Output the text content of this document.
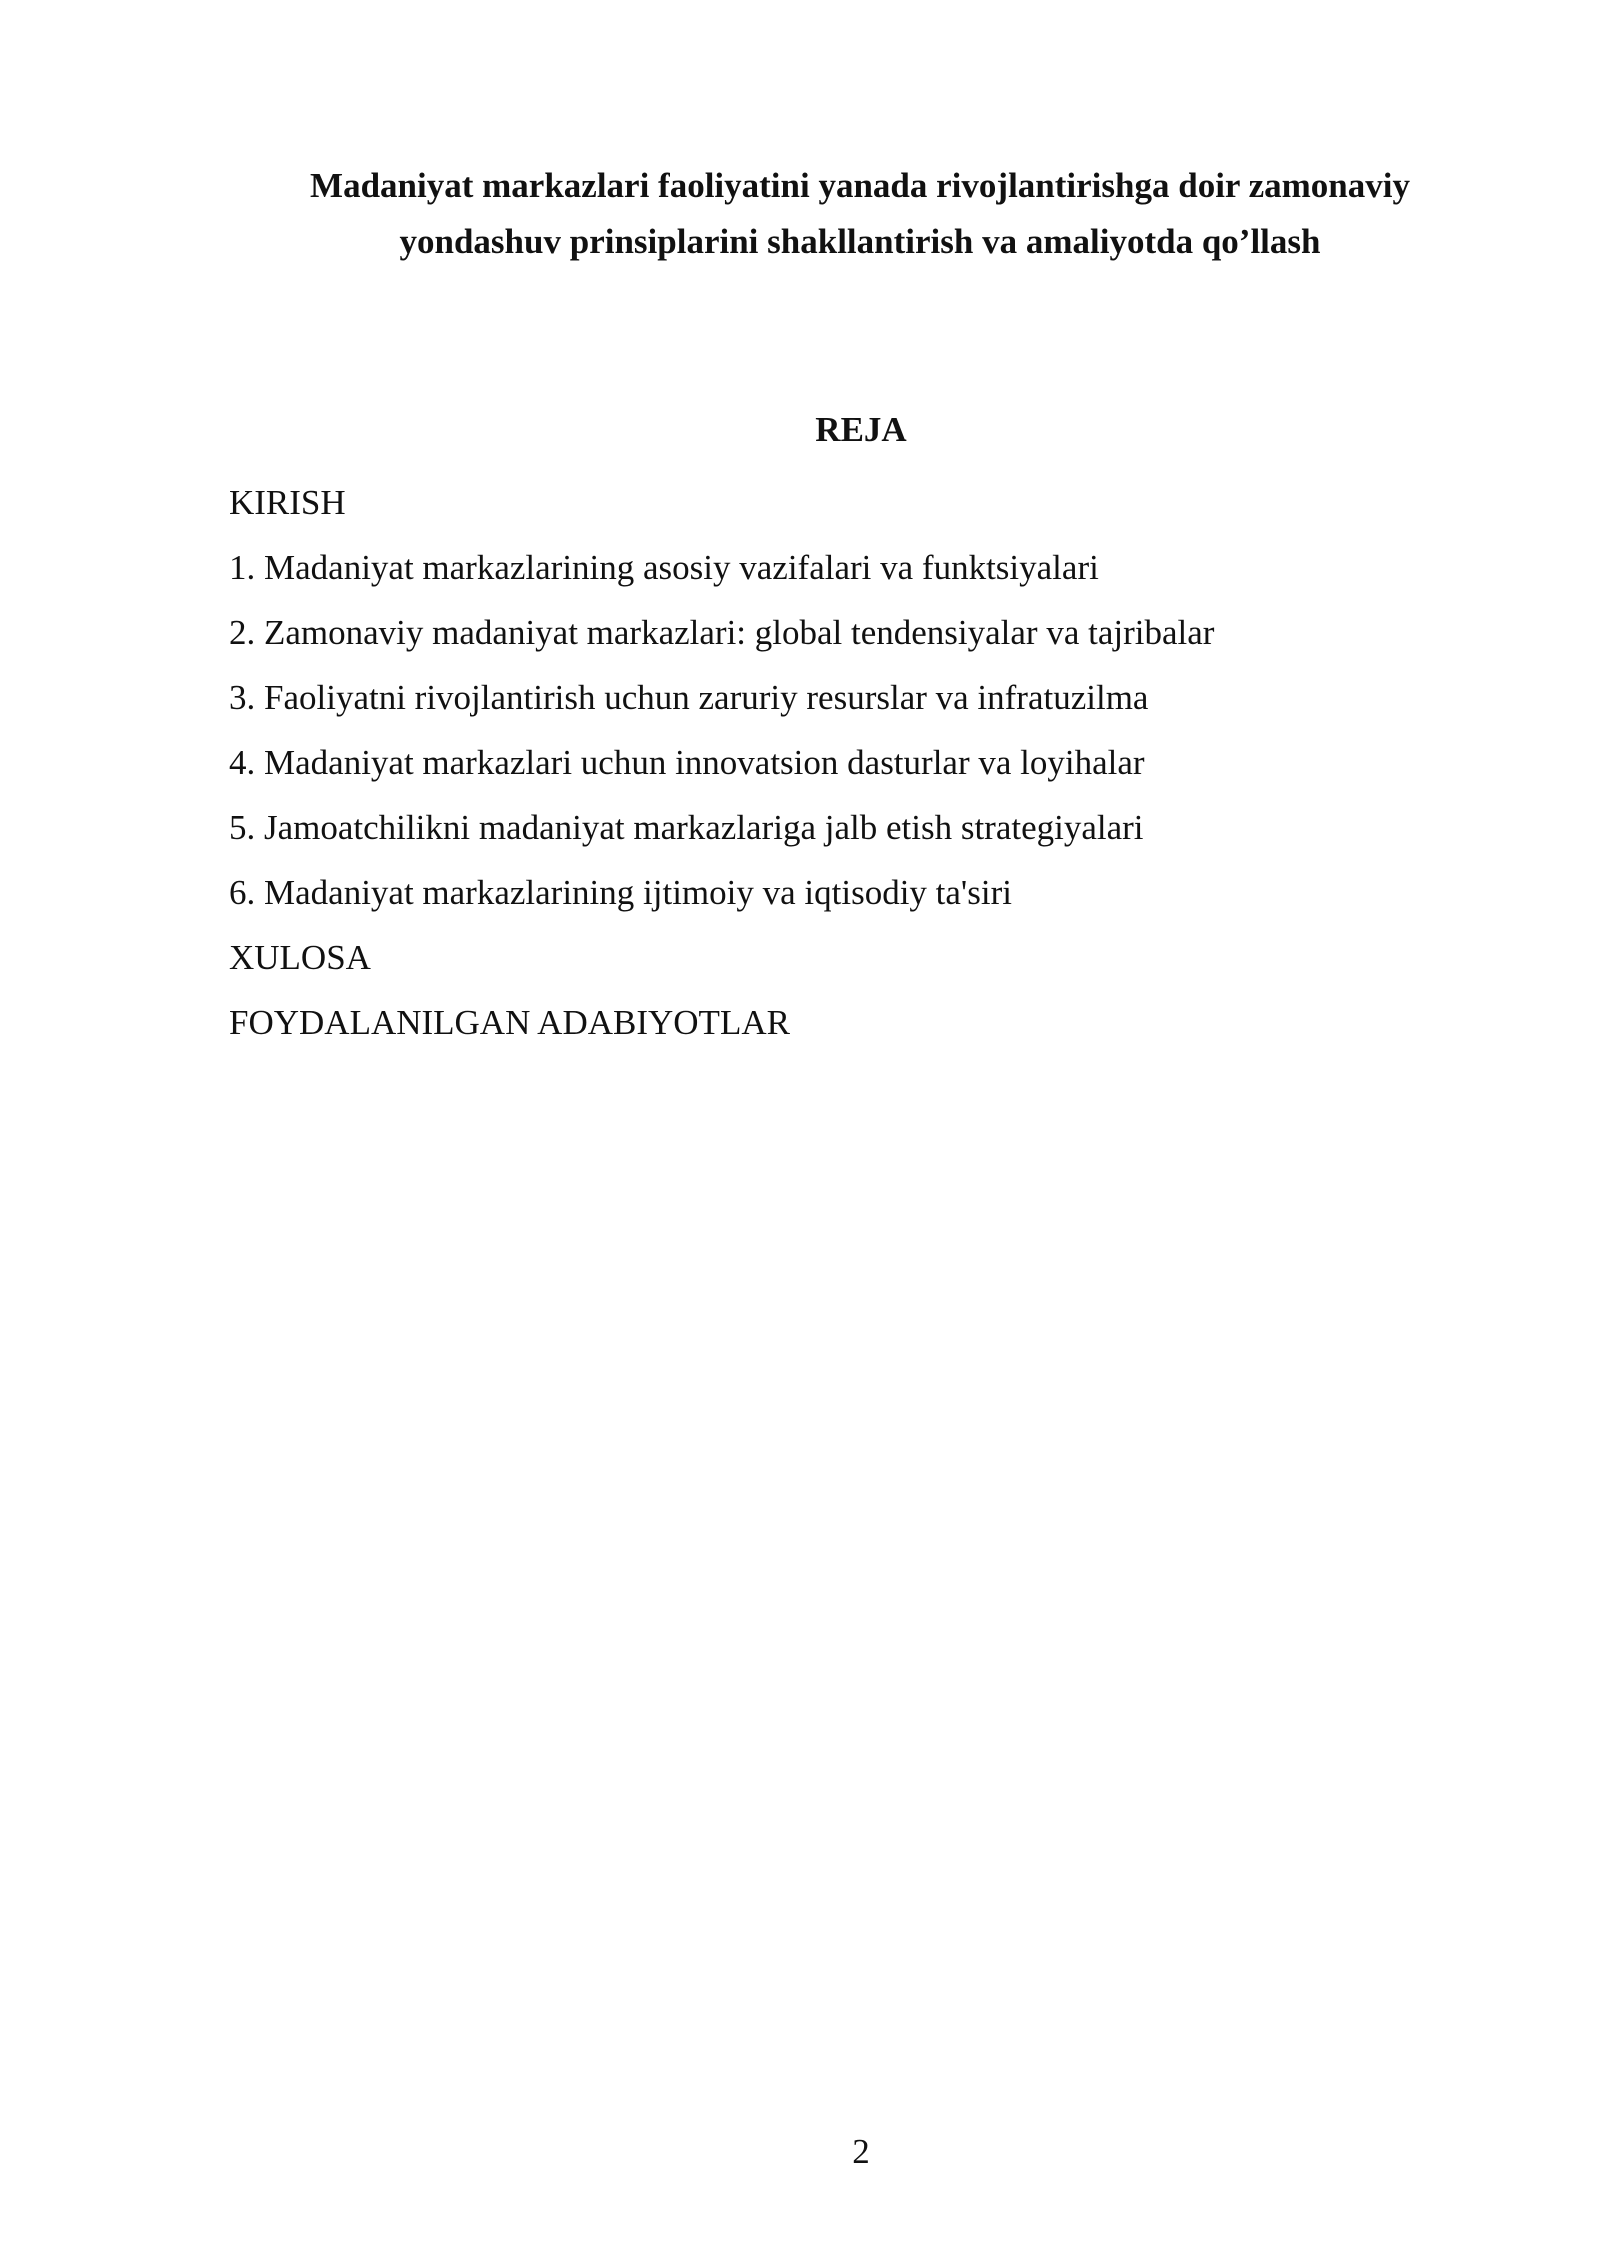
Madaniyat markazlari faoliyatini yanada rivojlantirishga doir zamonaviy yondashuv prinsiplarini shakllantirish va amaliyotda qo’llash
REJA
KIRISH
1. Madaniyat markazlarining asosiy vazifalari va funktsiyalari
2. Zamonaviy madaniyat markazlari: global tendensiyalar va tajribalar
3. Faoliyatni rivojlantirish uchun zaruriy resurslar va infratuzilma
4. Madaniyat markazlari uchun innovatsion dasturlar va loyihalar
5. Jamoatchilikni madaniyat markazlariga jalb etish strategiyalari
6. Madaniyat markazlarining ijtimoiy va iqtisodiy ta'siri
XULOSA
FOYDALANILGAN ADABIYOTLAR
2
